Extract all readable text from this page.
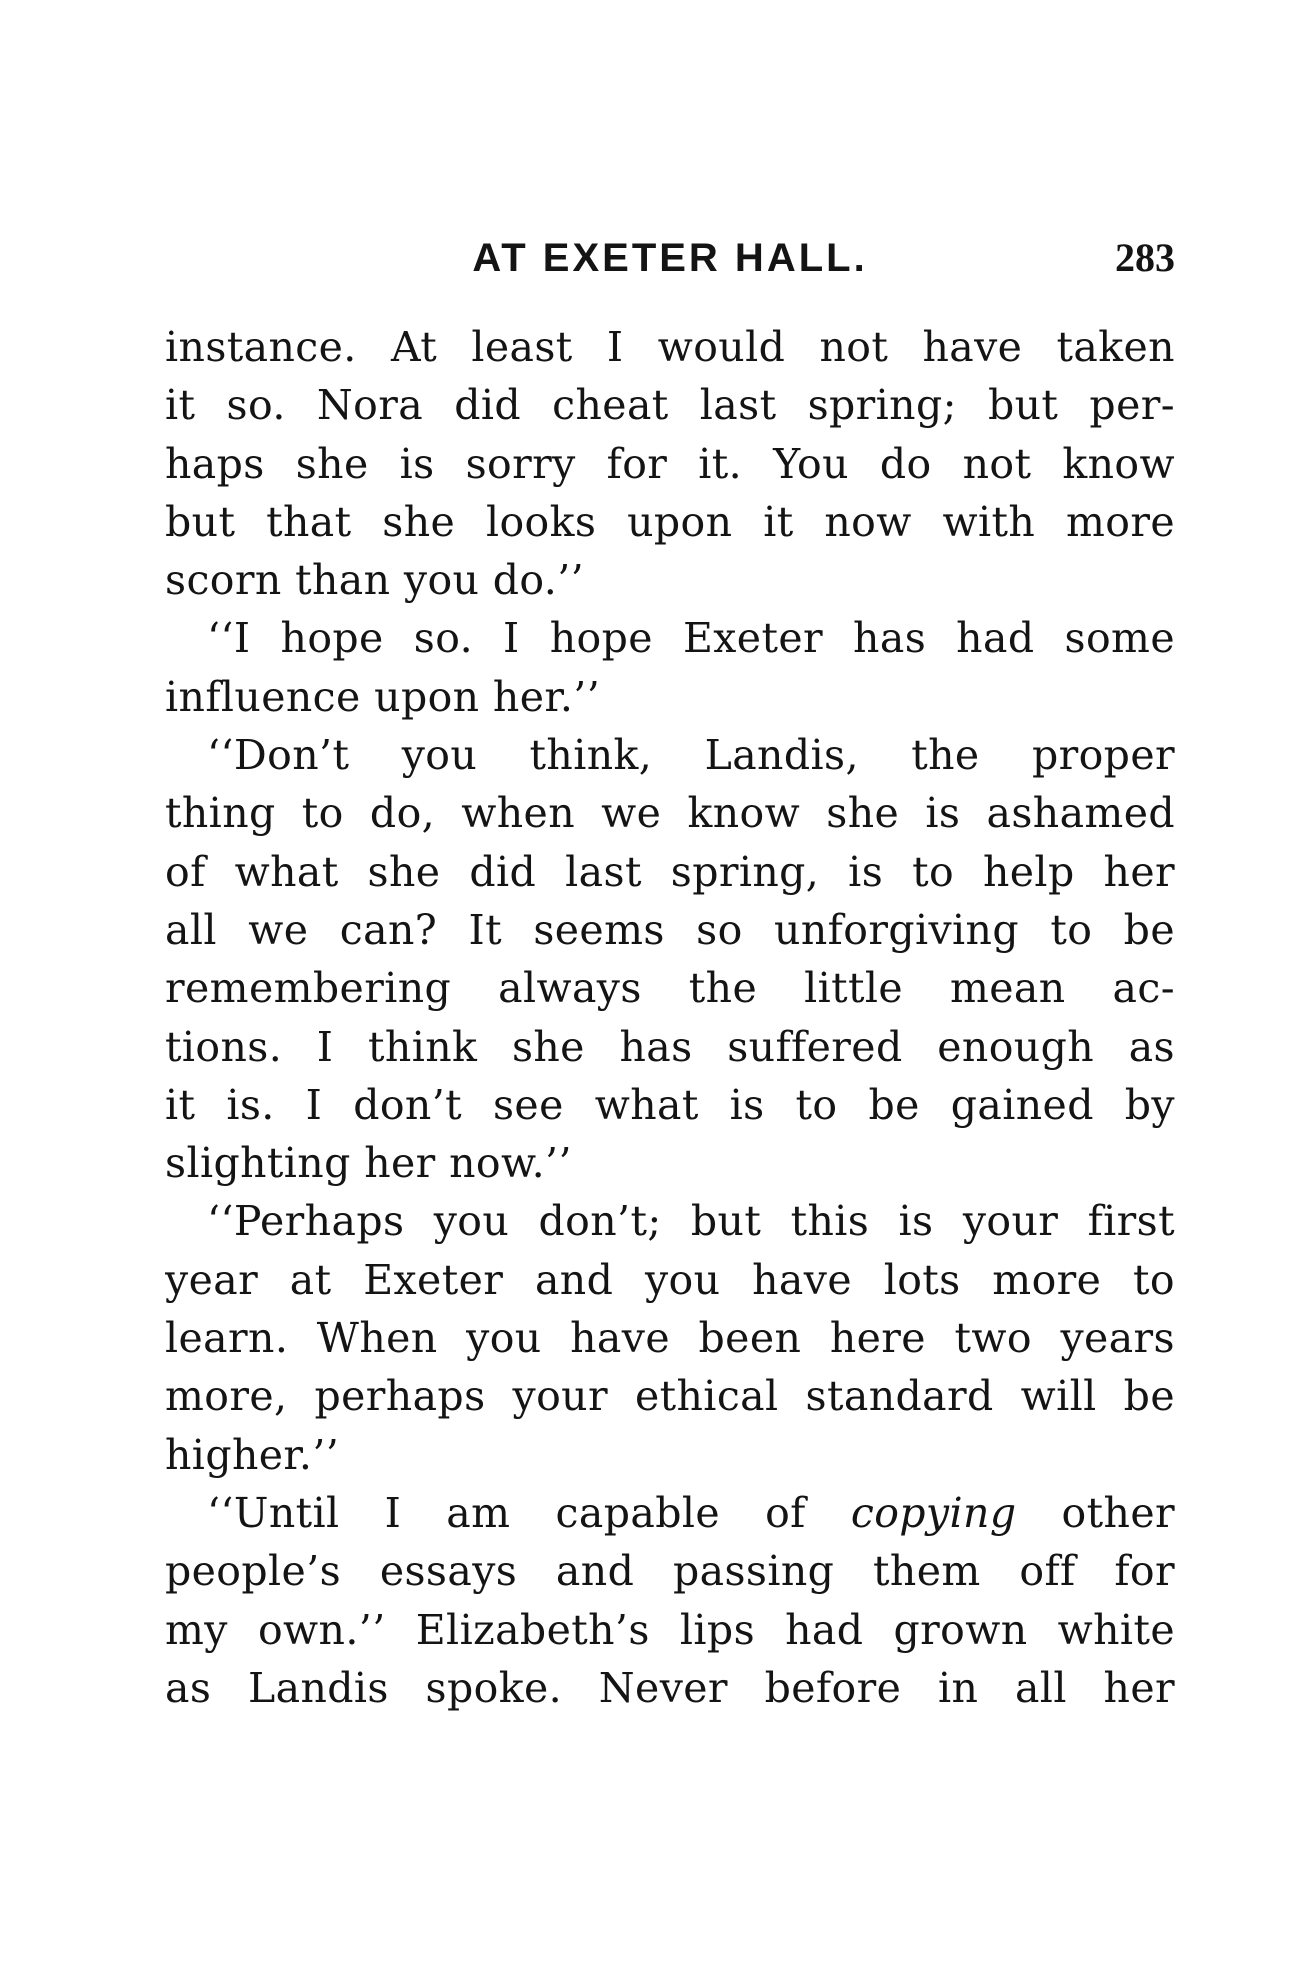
AT EXETER HALL.	283
instance. At least I would not have taken
it so. Nora did cheat last spring; but per-
haps she is sorry for it. You do not know
but that she looks upon it now with more
scorn than you do.’’
‘‘I hope so. I hope Exeter has had some
influence upon her.’’
‘‘Don’t you think, Landis, the proper
thing to do, when we know she is ashamed
of what she did last spring, is to help her
all we can? It seems so unforgiving to be
remembering always the little mean ac-
tions. I think she has suffered enough as
it is. I don’t see what is to be gained by
slighting her now.’’
‘‘Perhaps you don’t; but this is your first
year at Exeter and you have lots more to
learn. When you have been here two years
more, perhaps your ethical standard will be
higher.’’
‘‘Until I am capable of copying other
people’s essays and passing them off for
my own.’’ Elizabeth’s lips had grown white
as Landis spoke. Never before in all her
